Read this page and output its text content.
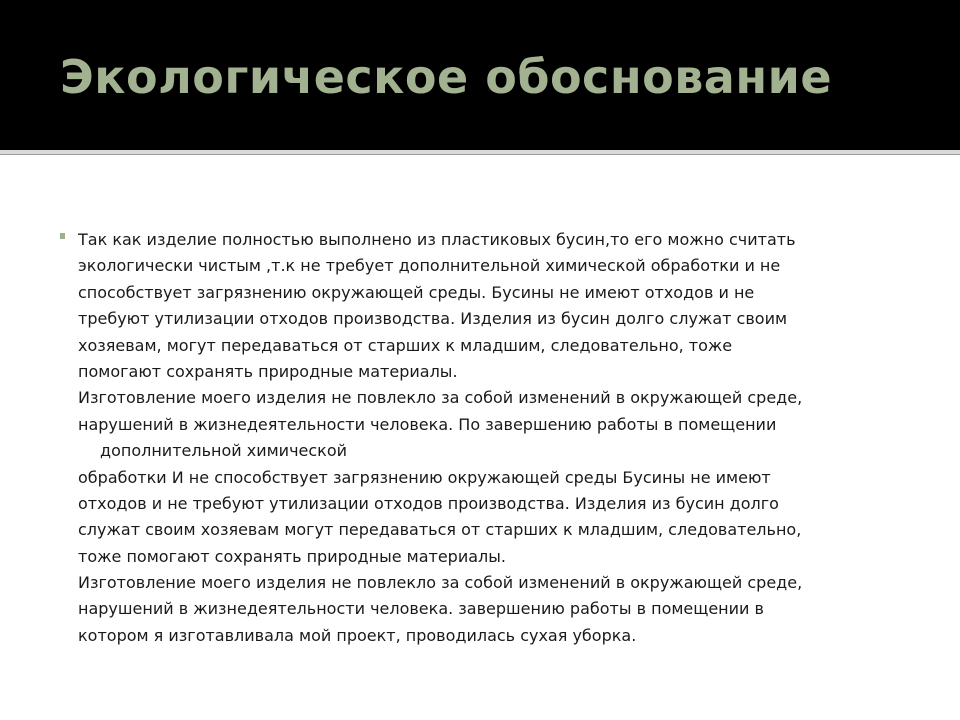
Экологическое обоснование
Так как изделие полностью выполнено из пластиковых бусин,то его можно считать
экологически чистым ,т.к не требует дополнительной химической обработки и не
способствует загрязнению окружающей среды. Бусины не имеют отходов и не
требуют утилизации отходов производства. Изделия из бусин долго служат своим
хозяевам, могут передаваться от старших к младшим, следовательно, тоже
помогают сохранять природные материалы.
Изготовление моего изделия не повлекло за собой изменений в окружающей среде,
нарушений в жизнедеятельности человека. По завершению работы в помещении
дополнительной химической
обработки И не способствует загрязнению окружающей среды Бусины не имеют
отходов и не требуют утилизации отходов производства. Изделия из бусин долго
служат своим хозяевам могут передаваться от старших к младшим, следовательно,
тоже помогают сохранять природные материалы.
Изготовление моего изделия не повлекло за собой изменений в окружающей среде,
нарушений в жизнедеятельности человека. завершению работы в помещении в
котором я изготавливала мой проект, проводилась сухая уборка.
